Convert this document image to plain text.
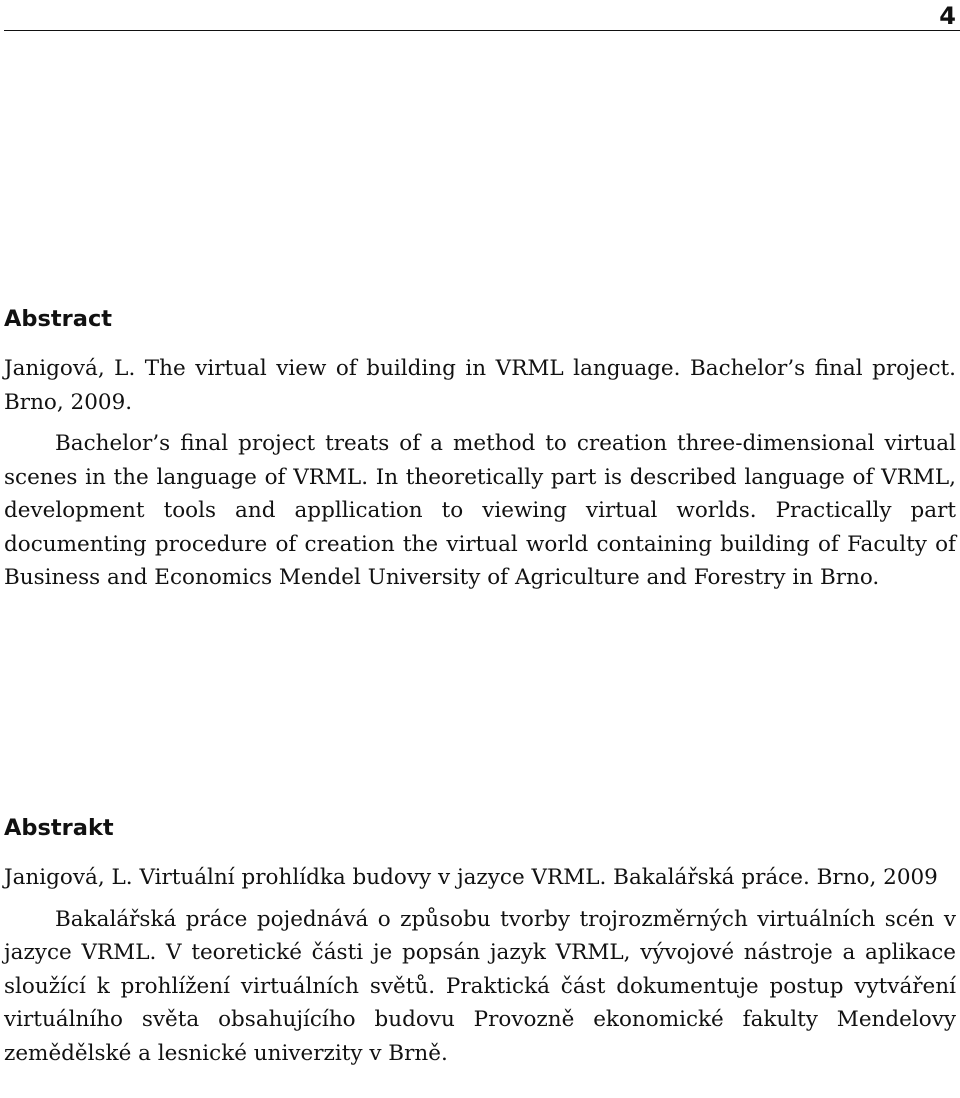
4
Abstract

Janigová, L. The virtual view of building in VRML language. Bachelor’s final project. Brno, 2009.

Bachelor’s final project treats of a method to creation three-dimensional virtual scenes in the language of VRML. In theoretically part is described language of VRML, development tools and appllication to viewing virtual worlds. Practically part documenting procedure of creation the virtual world containing building of Faculty of Business and Economics Mendel University of Agriculture and Forestry in Brno.

Abstrakt

Janigová, L. Virtuální prohlídka budovy v jazyce VRML. Bakalářská práce. Brno, 2009

Bakalářská práce pojednává o způsobu tvorby trojrozměrných virtuálních scén v jazyce VRML. V teoretické části je popsán jazyk VRML, vývojové nástroje a aplikace sloužící k prohlížení virtuálních světů. Praktická část dokumentuje postup vytváření virtuálního světa obsahujícího budovu Provozně ekonomické fakulty Mendelovy zemědělské a lesnické univerzity v Brně.
